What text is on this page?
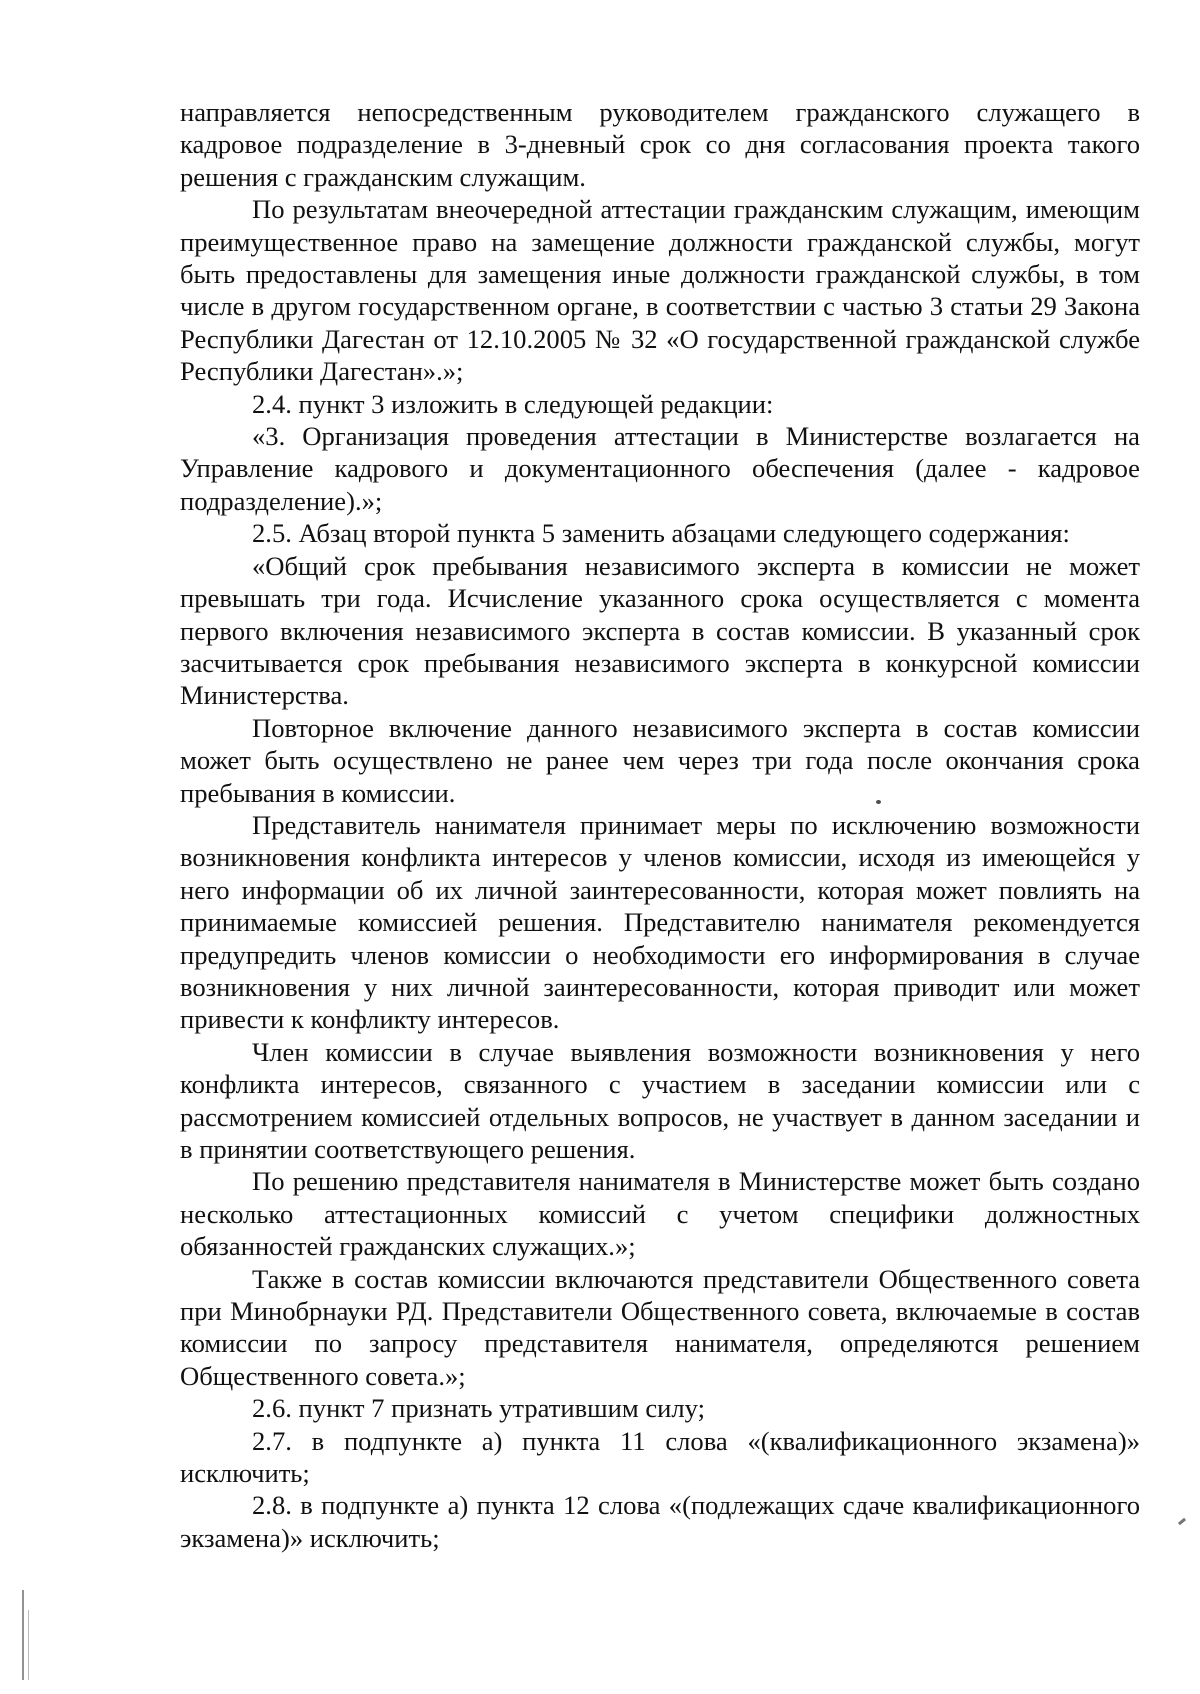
направляется непосредственным руководителем гражданского служащего в кадровое подразделение в 3-дневный срок со дня согласования проекта такого решения с гражданским служащим.

По результатам внеочередной аттестации гражданским служащим, имеющим преимущественное право на замещение должности гражданской службы, могут быть предоставлены для замещения иные должности гражданской службы, в том числе в другом государственном органе, в соответствии с частью 3 статьи 29 Закона Республики Дагестан от 12.10.2005 № 32 «О государственной гражданской службе Республики Дагестан».»;

2.4. пункт 3 изложить в следующей редакции:

«3. Организация проведения аттестации в Министерстве возлагается на Управление кадрового и документационного обеспечения (далее - кадровое подразделение).»;

2.5. Абзац второй пункта 5 заменить абзацами следующего содержания:

«Общий срок пребывания независимого эксперта в комиссии не может превышать три года. Исчисление указанного срока осуществляется с момента первого включения независимого эксперта в состав комиссии. В указанный срок засчитывается срок пребывания независимого эксперта в конкурсной комиссии Министерства.

Повторное включение данного независимого эксперта в состав комиссии может быть осуществлено не ранее чем через три года после окончания срока пребывания в комиссии.

Представитель нанимателя принимает меры по исключению возможности возникновения конфликта интересов у членов комиссии, исходя из имеющейся у него информации об их личной заинтересованности, которая может повлиять на принимаемые комиссией решения. Представителю нанимателя рекомендуется предупредить членов комиссии о необходимости его информирования в случае возникновения у них личной заинтересованности, которая приводит или может привести к конфликту интересов.

Член комиссии в случае выявления возможности возникновения у него конфликта интересов, связанного с участием в заседании комиссии или с рассмотрением комиссией отдельных вопросов, не участвует в данном заседании и в принятии соответствующего решения.

По решению представителя нанимателя в Министерстве может быть создано несколько аттестационных комиссий с учетом специфики должностных обязанностей гражданских служащих.»;

Также в состав комиссии включаются представители Общественного совета при Минобрнауки РД. Представители Общественного совета, включаемые в состав комиссии по запросу представителя нанимателя, определяются решением Общественного совета.»;

2.6. пункт 7 признать утратившим силу;

2.7. в подпункте а) пункта 11 слова «(квалификационного экзамена)» исключить;

2.8. в подпункте а) пункта 12 слова «(подлежащих сдаче квалификационного экзамена)» исключить;
